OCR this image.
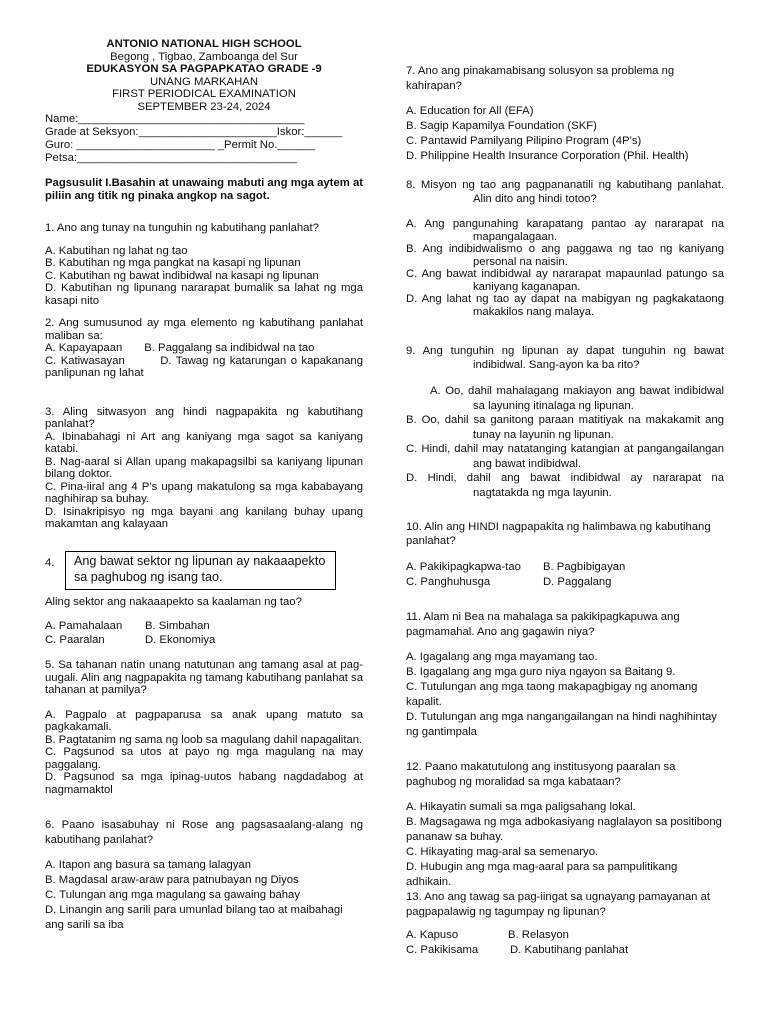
ANTONIO NATIONAL HIGH SCHOOL
Begong , Tigbao, Zamboanga del Sur
EDUKASYON SA PAGPAPKATAO GRADE -9
UNANG MARKAHAN
FIRST PERIODICAL EXAMINATION
SEPTEMBER 23-24, 2024
Name:____________________________________
Grade at Seksyon:______________________Iskor:______
Guro: ______________________ _Permit No.______
Petsa:___________________________________
Pagsusulit I.Basahin at unawaing mabuti ang mga aytem at piliin ang titik ng pinaka angkop na sagot.
1. Ano ang tunay na tunguhin ng kabutihang panlahat?
A. Kabutihan ng lahat ng tao
B. Kabutihan ng mga pangkat na kasapi ng lipunan
C. Kabutihan ng bawat indibidwal na kasapi ng lipunan
D. Kabutihan ng lipunang nararapat bumalik sa lahat ng mga kasapi nito
2. Ang sumusunod ay mga elemento ng kabutihang panlahat maliban sa:
A. Kapayapaan B. Paggalang sa indibidwal na tao
C. Katiwasayan	D. Tawag ng katarungan o kapakanang panlipunan ng lahat
3. Aling sitwasyon ang hindi nagpapakita ng kabutihang panlahat?
A. Ibinabahagi ni Art ang kaniyang mga sagot sa kaniyang katabi.
B. Nag-aaral si Allan upang makapagsilbi sa kaniyang lipunan bilang doktor.
C. Pina-iiral ang 4 P’s upang makatulong sa mga kababayang naghihirap sa buhay.
D. Isinakripisyo ng mga bayani ang kanilang buhay upang makamtan ang kalayaan
4.	Ang bawat sektor ng lipunan ay nakaaapekto sa paghubog ng isang tao.
Aling sektor ang nakaaapekto sa kaalaman ng tao?
A. Pamahalaan	B. Simbahan
C. Paaralan	D. Ekonomiya
5. Sa tahanan natin unang natutunan ang tamang asal at pag-uugali. Alin ang nagpapakita ng tamang kabutihang panlahat sa tahanan at pamilya?
A. Pagpalo at pagpaparusa sa anak upang matuto sa pagkakamali.
B. Pagtatanim ng sama ng loob sa magulang dahil napagalitan.
C. Pagsunod sa utos at payo ng mga magulang na may paggalang.
D. Pagsunod sa mga ipinag-uutos habang nagdadabog at nagmamaktol
6. Paano isasabuhay ni Rose ang pagsasaalang-alang ng kabutihang panlahat?
A. Itapon ang basura sa tamang lalagyan
B. Magdasal araw-araw para patnubayan ng Diyos
C. Tulungan ang mga magulang sa gawaing bahay
D. Linangin ang sarili para umunlad bilang tao at maibahagi ang sarili sa iba
7. Ano ang pinakamabisang solusyon sa problema ng kahirapan?
A. Education for All (EFA)
B. Sagip Kapamilya Foundation (SKF)
C. Pantawid Pamilyang Pilipino Program (4P’s)
D. Philippine Health Insurance Corporation (Phil. Health)
8. Misyon ng tao ang pagpananatili ng kabutihang panlahat. Alin dito ang hindi totoo?
A. Ang pangunahing karapatang pantao ay nararapat na mapangalagaan.
B. Ang indibidwalismo o ang paggawa ng tao ng kaniyang personal na naisin.
C. Ang bawat indibidwal ay nararapat mapaunlad patungo sa kaniyang kaganapan.
D. Ang lahat ng tao ay dapat na mabigyan ng pagkakataong makakilos nang malaya.
9. Ang tunguhin ng lipunan ay dapat tunguhin ng bawat indibidwal. Sang-ayon ka ba rito?
A. Oo, dahil mahalagang makiayon ang bawat indibidwal sa layuning itinalaga ng lipunan.
B. Oo, dahil sa ganitong paraan matitiyak na makakamit ang tunay na layunin ng lipunan.
C. Hindi, dahil may natatanging katangian at pangangailangan ang bawat indibidwal.
D. Hindi, dahil ang bawat indibidwal ay nararapat na nagtatakda ng mga layunin.
10. Alin ang HINDI nagpapakita ng halimbawa ng kabutihang panlahat?
A. Pakikipagkapwa-tao	B. Pagbibigayan
C. Panghuhusga	D. Paggalang
11. Alam ni Bea na mahalaga sa pakikipagkapuwa ang pagmamahal. Ano ang gagawin niya?
A. Igagalang ang mga mayamang tao.
B. Igagalang ang mga guro niya ngayon sa Baitang 9.
C. Tutulungan ang mga taong makapagbigay ng anomang kapalit.
D. Tutulungan ang mga nangangailangan na hindi naghihintay ng gantimpala
12. Paano makatutulong ang institusyong paaralan sa paghubog ng moralidad sa mga kabataan?
A. Hikayatin sumali sa mga paligsahang lokal.
B. Magsagawa ng mga adbokasiyang naglalayon sa positibong pananaw sa buhay.
C. Hikayating mag-aral sa semenaryo.
D. Hubugin ang mga mag-aaral para sa pampulitikang adhikain.
13. Ano ang tawag sa pag-iingat sa ugnayang pamayanan at pagpapalawig ng tagumpay ng lipunan?
A. Kapuso	B. Relasyon
C. Pakikisama	D. Kabutihang panlahat
